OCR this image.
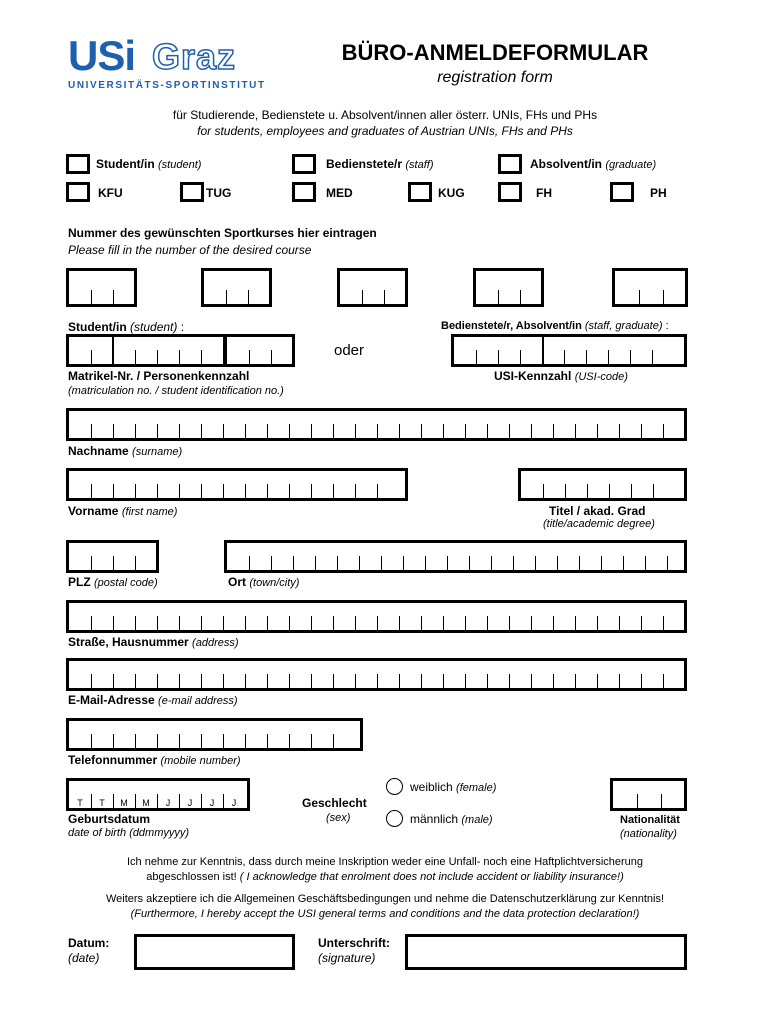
USi Graz
UNIVERSITÄTS-SPORTINSTITUT
BÜRO-ANMELDEFORMULAR
registration form
für Studierende, Bedienstete u. Absolvent/innen aller österr. UNIs, FHs und PHs
for students, employees and graduates of Austrian UNIs, FHs and PHs
Student/in (student)	Bedienstete/r (staff)	Absolvent/in (graduate)
KFU	TUG	MED	KUG	FH	PH
Nummer des gewünschten Sportkurses hier eintragen
Please fill in the number of the desired course
Student/in (student) :	Bedienstete/r, Absolvent/in (staff, graduate) :
oder
Matrikel-Nr. / Personenkennzahl
(matriculation no. / student identification no.)
USI-Kennzahl (USI-code)
Nachname (surname)
Vorname (first name)	Titel / akad. Grad
(title/academic degree)
PLZ (postal code)	Ort (town/city)
Straße, Hausnummer (address)
E-Mail-Adresse (e-mail address)
Telefonnummer (mobile number)
T	T	M	M	J	J	J	J
Geburtsdatum
date of birth (ddmmyyyy)
Geschlecht
(sex)
weiblich (female)
männlich (male)	Nationalität
(nationality)
Ich nehme zur Kenntnis, dass durch meine Inskription weder eine Unfall- noch eine Haftplichtversicherung
abgeschlossen ist! ( I acknowledge that enrolment does not include accident or liability insurance!)
Weiters akzeptiere ich die Allgemeinen Geschäftsbedingungen und nehme die Datenschutzerklärung zur Kenntnis!
(Furthermore, I hereby accept the USI general terms and conditions and the data protection declaration!)
Datum:
(date)
Unterschrift:
(signature)
